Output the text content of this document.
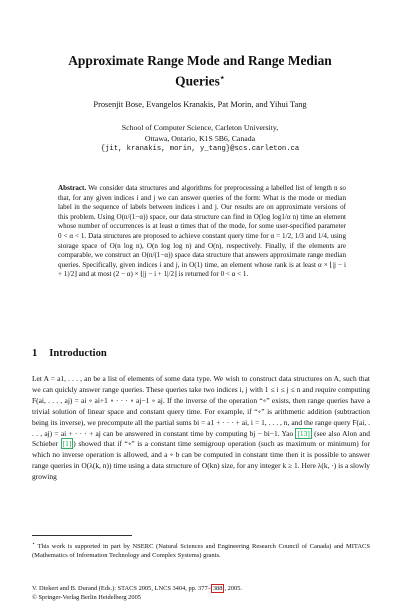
Approximate Range Mode and Range Median
Queries⋆
Prosenjit Bose, Evangelos Kranakis, Pat Morin, and Yihui Tang
School of Computer Science, Carleton University,
Ottawa, Ontario, K1S 5B6, Canada
{jit, kranakis, morin, y_tang}@scs.carleton.ca
Abstract. We consider data structures and algorithms for preprocessing a labelled list of length n so that, for any given indices i and j we can answer queries of the form: What is the mode or median label in the sequence of labels between indices i and j. Our results are on approximate versions of this problem. Using O(n/(1−α)) space, our data structure can find in O(log log1/α n) time an element whose number of occurrences is at least α times that of the mode, for some user-specified parameter 0 < α < 1. Data structures are proposed to achieve constant query time for α = 1/2, 1/3 and 1/4, using storage space of O(n log n), O(n log log n) and O(n), respectively. Finally, if the elements are comparable, we construct an O(n/(1−α)) space data structure that answers approximate range median queries. Specifically, given indices i and j, in O(1) time, an element whose rank is at least α × ⌊|j − i + 1|/2⌋ and at most (2 − α) × ⌊|j − i + 1|/2⌋ is returned for 0 < α < 1.
1 Introduction

Let A = a1, . . . , an be a list of elements of some data type. We wish to construct data structures on A, such that we can quickly answer range queries. These queries take two indices i, j with 1 ≤ i ≤ j ≤ n and require computing F(ai, . . . , aj) = ai ∘ ai+1 ∘ · · · ∘ aj−1 ∘ aj. If the inverse of the operation “∘” exists, then range queries have a trivial solution of linear space and constant query time. For example, if “∘” is arithmetic addition (subtraction being its inverse), we precompute all the partial sums bi = a1 + · · · + ai, i = 1, . . . , n, and the range query F(ai, . . . , aj) = ai + · · · + aj can be answered in constant time by computing bj − bi−1. Yao [13] (see also Alon and Schieber [1] ) showed that if “∘” is a constant time semigroup operation (such as maximum or minimum) for which no inverse operation is allowed, and a ∘ b can be computed in constant time then it is possible to answer range queries in O(λ(k, n)) time using a data structure of O(kn) size, for any integer k ≥ 1. Here λ(k, ·) is a slowly growing

⋆ This work is supported in part by NSERC (Natural Sciences and Engineering Research Council of Canada) and MITACS (Mathematics of Information Technology and Complex Systems) grants.
V. Diekert and B. Durand (Eds.): STACS 2005, LNCS 3404, pp. 377– 388 , 2005.
© Springer-Verlag Berlin Heidelberg 2005
